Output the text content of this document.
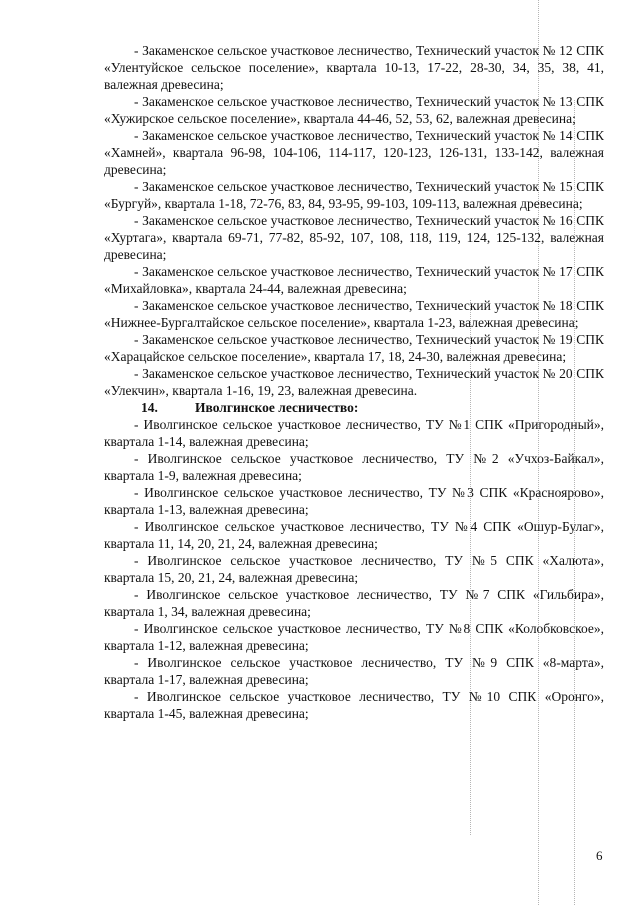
- Закаменское сельское участковое лесничество, Технический участок № 12 СПК «Улентуйское сельское поселение», квартала 10-13, 17-22, 28-30, 34, 35, 38, 41, валежная древесина;

- Закаменское сельское участковое лесничество, Технический участок № 13 СПК «Хужирское сельское поселение», квартала 44-46, 52, 53, 62, валежная древесина;

- Закаменское сельское участковое лесничество, Технический участок № 14 СПК «Хамней», квартала 96-98, 104-106, 114-117, 120-123, 126-131, 133-142, валежная древесина;

- Закаменское сельское участковое лесничество, Технический участок № 15 СПК «Бургуй», квартала 1-18, 72-76, 83, 84, 93-95, 99-103, 109-113, валежная древесина;

- Закаменское сельское участковое лесничество, Технический участок № 16 СПК «Хуртага», квартала 69-71, 77-82, 85-92, 107, 108, 118, 119, 124, 125-132, валежная древесина;

- Закаменское сельское участковое лесничество, Технический участок № 17 СПК «Михайловка», квартала 24-44, валежная древесина;

- Закаменское сельское участковое лесничество, Технический участок № 18 СПК «Нижнее-Бургалтайское сельское поселение», квартала 1-23, валежная древесина;

- Закаменское сельское участковое лесничество, Технический участок № 19 СПК «Харацайское сельское поселение», квартала 17, 18, 24-30, валежная древесина;

- Закаменское сельское участковое лесничество, Технический участок № 20 СПК «Улекчин», квартала 1-16, 19, 23, валежная древесина.

14.	Иволгинское лесничество:

- Иволгинское сельское участковое лесничество, ТУ №1 СПК «Пригородный», квартала 1-14, валежная древесина;

- Иволгинское сельское участковое лесничество, ТУ №2 «Учхоз-Байкал», квартала 1-9, валежная древесина;

- Иволгинское сельское участковое лесничество, ТУ №3 СПК «Красноярово», квартала 1-13, валежная древесина;

- Иволгинское сельское участковое лесничество, ТУ №4 СПК «Ошур-Булаг», квартала 11, 14, 20, 21, 24, валежная древесина;

- Иволгинское сельское участковое лесничество, ТУ №5 СПК «Халюта», квартала 15, 20, 21, 24, валежная древесина;

- Иволгинское сельское участковое лесничество, ТУ №7 СПК «Гильбира», квартала 1, 34, валежная древесина;

- Иволгинское сельское участковое лесничество, ТУ №8 СПК «Колобковское», квартала 1-12, валежная древесина;

- Иволгинское сельское участковое лесничество, ТУ №9 СПК «8-марта», квартала 1-17, валежная древесина;

- Иволгинское сельское участковое лесничество, ТУ №10 СПК «Оронго», квартала 1-45, валежная древесина;

6
